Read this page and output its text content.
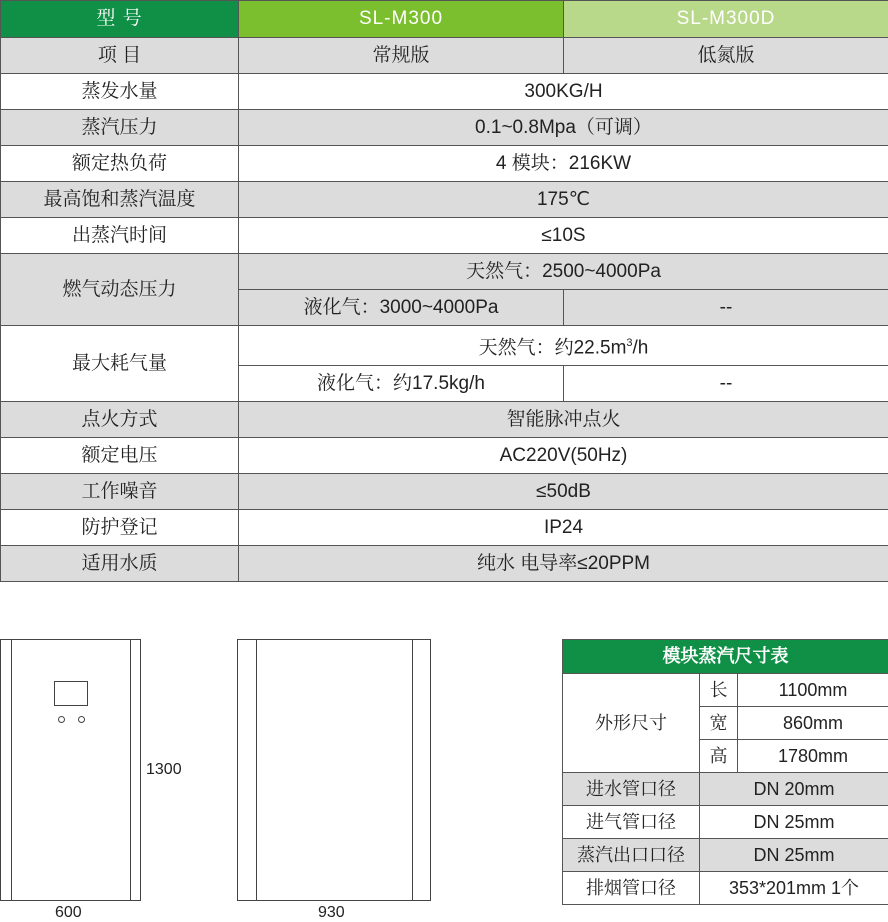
型 号	SL-M300	SL-M300D
项 目	常规版	低氮版
蒸发水量	300KG/H	
蒸汽压力	0.1~0.8Mpa（可调）	
额定热负荷	4 模块：216KW	
最高饱和蒸汽温度	175℃	
出蒸汽时间	≤10S	
燃气动态压力	天然气：2500~4000Pa	
	液化气：3000~4000Pa	--
最大耗气量	天然气：约$22.5m^3/h$	
	液化气：约17.5kg/h	--
点火方式	智能脉冲点火	
额定电压	AC220V(50Hz)	
工作噪音	≤50dB	
防护登记	IP24	
适用水质	纯水 电导率≤20PPM	
1300
600	930
模块蒸汽尺寸表		
外形尺寸	长	1100mm
	宽	860mm
	高	1780mm
进水管口径	DN 20mm	
进气管口径	DN 25mm	
蒸汽出口口径	DN 25mm	
排烟管口径	353*201mm 1个	
